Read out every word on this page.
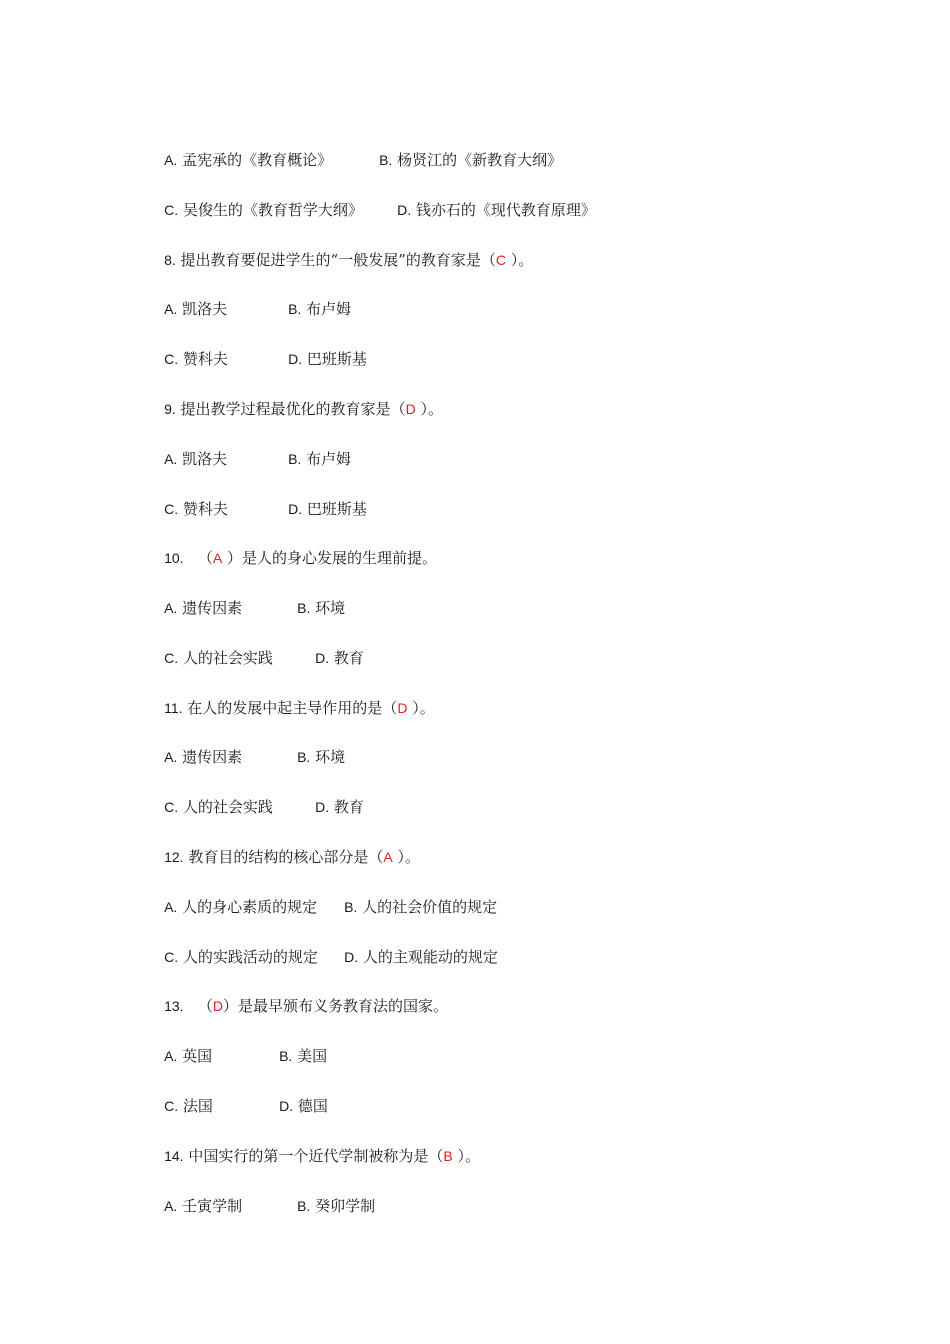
A. 孟宪承的《教育概论》	B. 杨贤江的《新教育大纲》

C. 吴俊生的《教育哲学大纲》 D. 钱亦石的《现代教育原理》

8. 提出教育要促进学生的“一般发展”的教育家是（C ）。

A. 凯洛夫	B. 布卢姆

C. 赞科夫	D. 巴班斯基

9. 提出教学过程最优化的教育家是（D ）。

A. 凯洛夫	B. 布卢姆

C. 赞科夫	D. 巴班斯基

10. （A ）是人的身心发展的生理前提。

A. 遗传因素	B. 环境

C. 人的社会实践	D. 教育

11. 在人的发展中起主导作用的是（D ）。

A. 遗传因素	B. 环境

C. 人的社会实践	D. 教育

12. 教育目的结构的核心部分是（A ）。

A. 人的身心素质的规定 B. 人的社会价值的规定

C. 人的实践活动的规定 D. 人的主观能动的规定

13. （D）是最早颁布义务教育法的国家。

A. 英国	B. 美国

C. 法国	D. 德国

14. 中国实行的第一个近代学制被称为是（B ）。

A. 壬寅学制	B. 癸卯学制
